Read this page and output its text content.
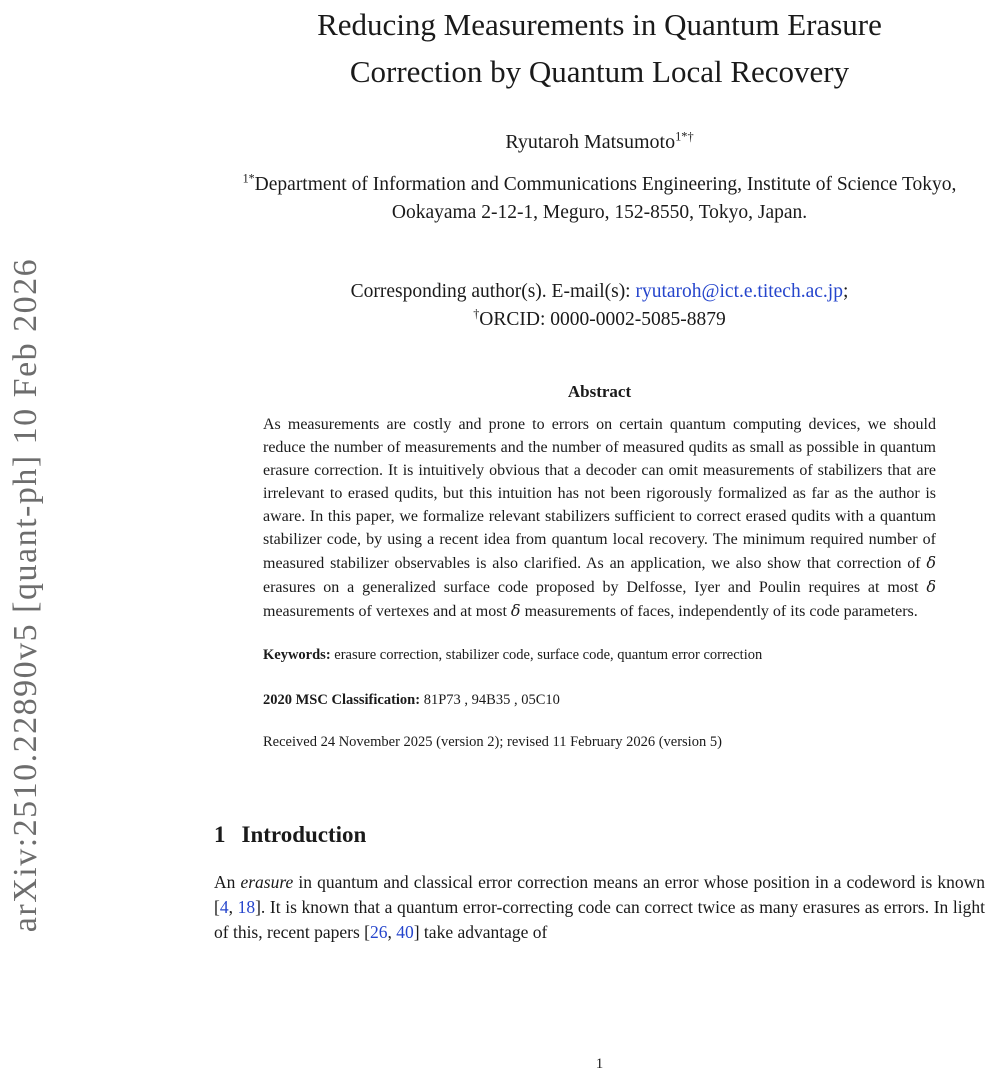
arXiv:2510.22890v5 [quant-ph] 10 Feb 2026
Reducing Measurements in Quantum Erasure Correction by Quantum Local Recovery
Ryutaroh Matsumoto$^{1*\dagger}$
$^{1*}$Department of Information and Communications Engineering, Institute of Science Tokyo, Ookayama 2-12-1, Meguro, 152-8550, Tokyo, Japan.
Corresponding author(s). E-mail(s): ryutaroh@ict.e.titech.ac.jp;
†ORCID: 0000-0002-5085-8879
Abstract

As measurements are costly and prone to errors on certain quantum computing devices, we should reduce the number of measurements and the number of measured qudits as small as possible in quantum erasure correction. It is intuitively obvious that a decoder can omit measurements of stabilizers that are irrelevant to erased qudits, but this intuition has not been rigorously formalized as far as the author is aware. In this paper, we formalize relevant stabilizers sufficient to correct erased qudits with a quantum stabilizer code, by using a recent idea from quantum local recovery. The minimum required number of measured stabilizer observables is also clarified. As an application, we also show that correction of δ erasures on a generalized surface code proposed by Delfosse, Iyer and Poulin requires at most δ measurements of vertexes and at most δ measurements of faces, independently of its code parameters.

Keywords: erasure correction, stabilizer code, surface code, quantum error correction
2020 MSC Classification: 81P73 , 94B35 , 05C10
Received 24 November 2025 (version 2); revised 11 February 2026 (version 5)
1 Introduction

An erasure in quantum and classical error correction means an error whose position in a codeword is known [4, 18]. It is known that a quantum error-correcting code can correct twice as many erasures as errors. In light of this, recent papers [26, 40] take advantage of

1
